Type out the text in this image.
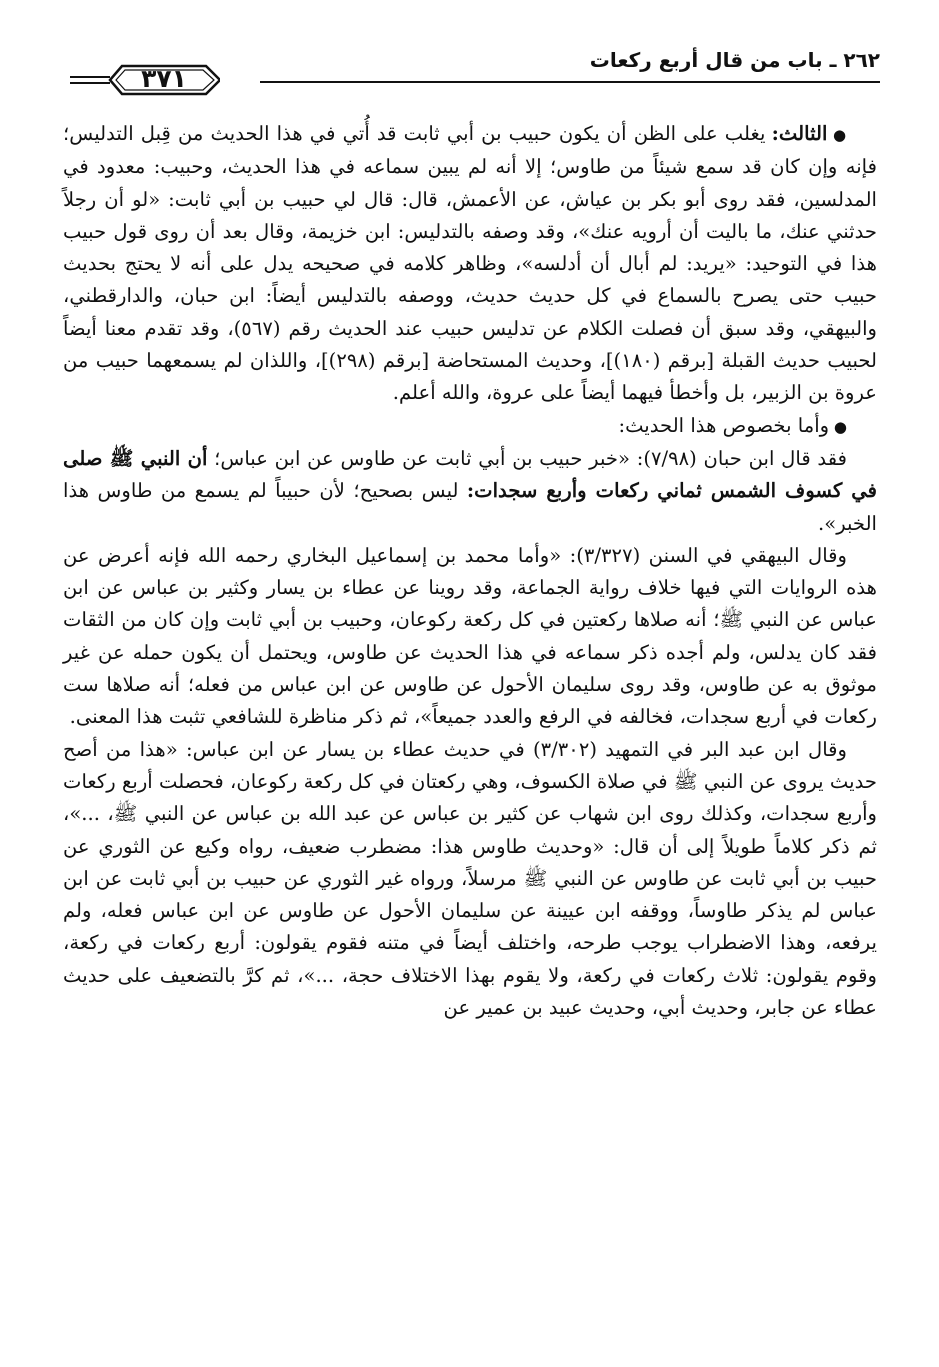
٢٦٢ ـ باب من قال أربع ركعات
٣٧١

● الثالث: يغلب على الظن أن يكون حبيب بن أبي ثابت قد أُتي في هذا الحديث من قِبل التدليس؛ فإنه وإن كان قد سمع شيئاً من طاوس؛ إلا أنه لم يبين سماعه في هذا الحديث، وحبيب: معدود في المدلسين، فقد روى أبو بكر بن عياش، عن الأعمش، قال: قال لي حبيب بن أبي ثابت: «لو أن رجلاً حدثني عنك، ما باليت أن أرويه عنك»، وقد وصفه بالتدليس: ابن خزيمة، وقال بعد أن روى قول حبيب هذا في التوحيد: «يريد: لم أبال أن أدلسه»، وظاهر كلامه في صحيحه يدل على أنه لا يحتج بحديث حبيب حتى يصرح بالسماع في كل حديث حديث، ووصفه بالتدليس أيضاً: ابن حبان، والدارقطني، والبيهقي، وقد سبق أن فصلت الكلام عن تدليس حبيب عند الحديث رقم (٥٦٧)، وقد تقدم معنا أيضاً لحبيب حديث القبلة [برقم (١٨٠)]، وحديث المستحاضة [برقم (٢٩٨)]، واللذان لم يسمعهما حبيب من عروة بن الزبير، بل وأخطأ فيهما أيضاً على عروة، والله أعلم.

● وأما بخصوص هذا الحديث:

فقد قال ابن حبان (٧/٩٨): «خبر حبيب بن أبي ثابت عن طاوس عن ابن عباس؛ أن النبي ﷺ صلى في كسوف الشمس ثماني ركعات وأربع سجدات: ليس بصحيح؛ لأن حبيباً لم يسمع من طاوس هذا الخبر».

وقال البيهقي في السنن (٣/٣٢٧): «وأما محمد بن إسماعيل البخاري رحمه الله فإنه أعرض عن هذه الروايات التي فيها خلاف رواية الجماعة، وقد روينا عن عطاء بن يسار وكثير بن عباس عن ابن عباس عن النبي ﷺ؛ أنه صلاها ركعتين في كل ركعة ركوعان، وحبيب بن أبي ثابت وإن كان من الثقات فقد كان يدلس، ولم أجده ذكر سماعه في هذا الحديث عن طاوس، ويحتمل أن يكون حمله عن غير موثوق به عن طاوس، وقد روى سليمان الأحول عن طاوس عن ابن عباس من فعله؛ أنه صلاها ست ركعات في أربع سجدات، فخالفه في الرفع والعدد جميعاً»، ثم ذكر مناظرة للشافعي تثبت هذا المعنى.

وقال ابن عبد البر في التمهيد (٣/٣٠٢) في حديث عطاء بن يسار عن ابن عباس: «هذا من أصح حديث يروى عن النبي ﷺ في صلاة الكسوف، وهي ركعتان في كل ركعة ركوعان، فحصلت أربع ركعات وأربع سجدات، وكذلك روى ابن شهاب عن كثير بن عباس عن عبد الله بن عباس عن النبي ﷺ، ...»، ثم ذكر كلاماً طويلاً إلى أن قال: «وحديث طاوس هذا: مضطرب ضعيف، رواه وكيع عن الثوري عن حبيب بن أبي ثابت عن طاوس عن النبي ﷺ مرسلاً، ورواه غير الثوري عن حبيب بن أبي ثابت عن ابن عباس لم يذكر طاوساً، ووقفه ابن عيينة عن سليمان الأحول عن طاوس عن ابن عباس فعله، ولم يرفعه، وهذا الاضطراب يوجب طرحه، واختلف أيضاً في متنه فقوم يقولون: أربع ركعات في ركعة، وقوم يقولون: ثلاث ركعات في ركعة، ولا يقوم بهذا الاختلاف حجة، ...»، ثم كرَّ بالتضعيف على حديث عطاء عن جابر، وحديث أبي، وحديث عبيد بن عمير عن
